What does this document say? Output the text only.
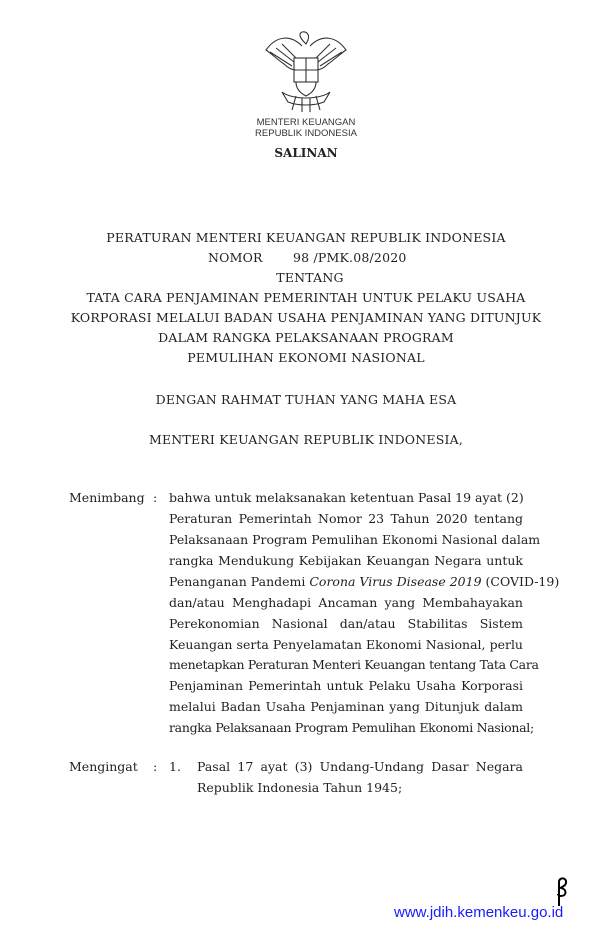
MENTERI KEUANGAN
REPUBLIK INDONESIA
SALINAN
PERATURAN MENTERI KEUANGAN REPUBLIK INDONESIA
NOMOR 98 /PMK.08/2020
TENTANG
TATA CARA PENJAMINAN PEMERINTAH UNTUK PELAKU USAHA
KORPORASI MELALUI BADAN USAHA PENJAMINAN YANG DITUNJUK
DALAM RANGKA PELAKSANAAN PROGRAM
PEMULIHAN EKONOMI NASIONAL
DENGAN RAHMAT TUHAN YANG MAHA ESA
MENTERI KEUANGAN REPUBLIK INDONESIA,
Menimbang : bahwa untuk melaksanakan ketentuan Pasal 19 ayat (2)
Peraturan Pemerintah Nomor 23 Tahun 2020 tentang
Pelaksanaan Program Pemulihan Ekonomi Nasional dalam
rangka Mendukung Kebijakan Keuangan Negara untuk
Penanganan Pandemi Corona Virus Disease 2019 (COVID-19)
dan/atau Menghadapi Ancaman yang Membahayakan
Perekonomian Nasional dan/atau Stabilitas Sistem
Keuangan serta Penyelamatan Ekonomi Nasional, perlu
menetapkan Peraturan Menteri Keuangan tentang Tata Cara
Penjaminan Pemerintah untuk Pelaku Usaha Korporasi
melalui Badan Usaha Penjaminan yang Ditunjuk dalam
rangka Pelaksanaan Program Pemulihan Ekonomi Nasional;
Mengingat : 1. Pasal 17 ayat (3) Undang-Undang Dasar Negara
Republik Indonesia Tahun 1945;
www.jdih.kemenkeu.go.id
